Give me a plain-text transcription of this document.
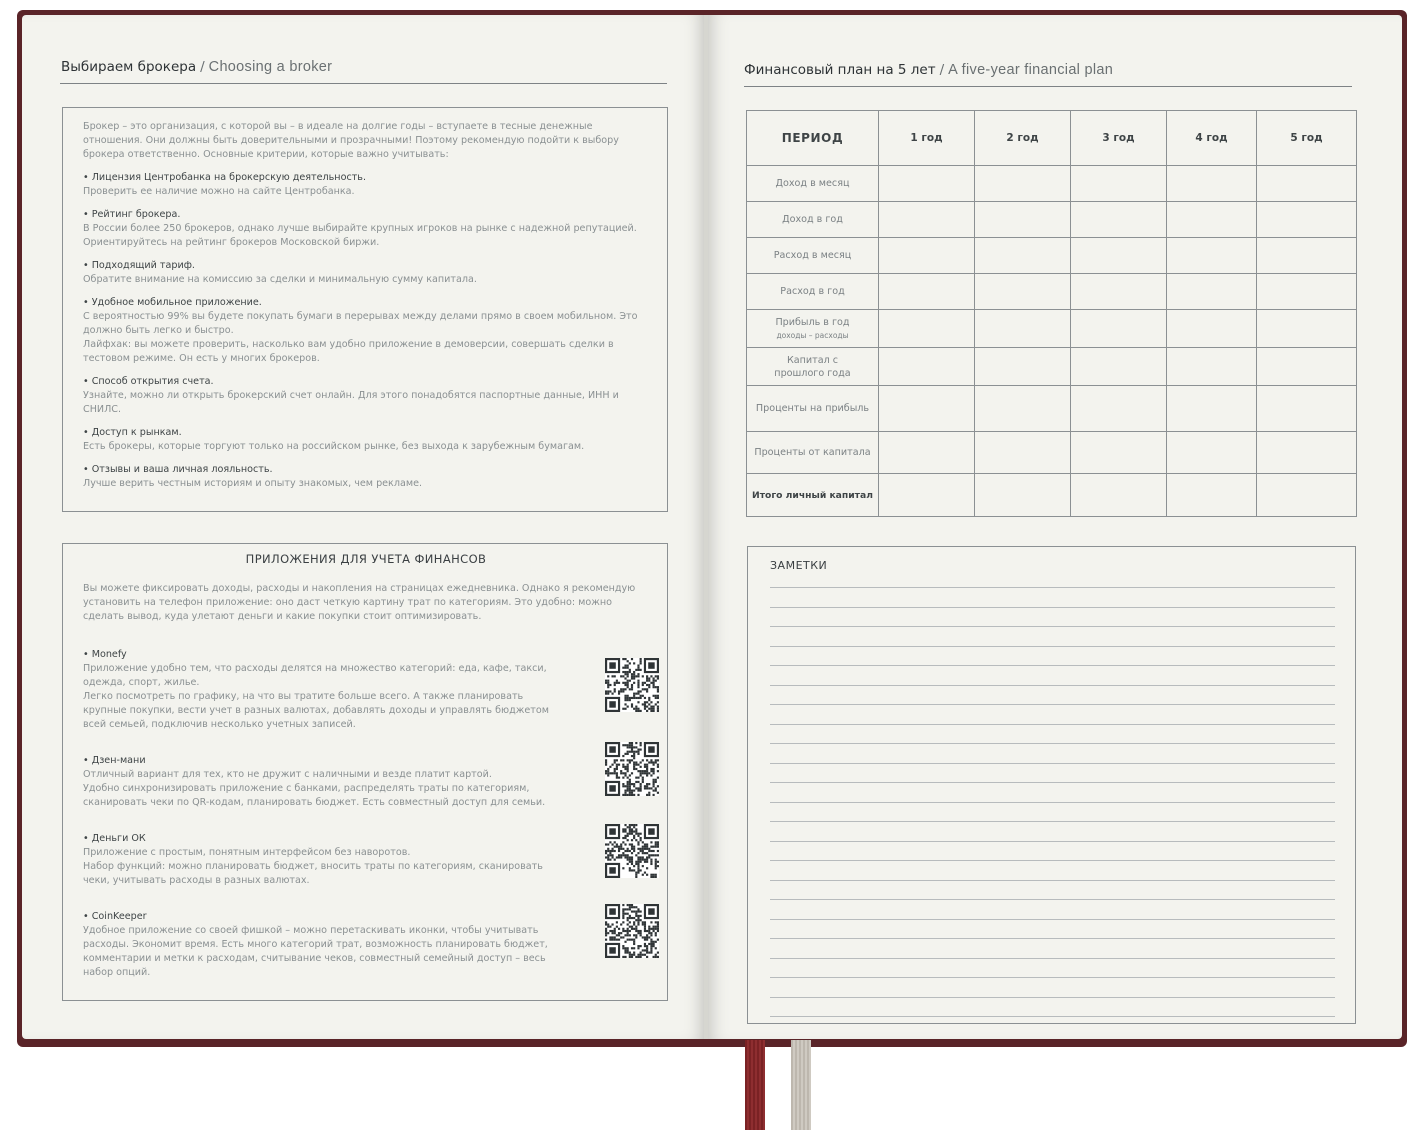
Выбираем брокера / Choosing a broker
Брокер – это организация, с которой вы – в идеале на долгие годы – вступаете в тесные денежные отношения. Они должны быть доверительными и прозрачными! Поэтому рекомендую подойти к выбору брокера ответственно. Основные критерии, которые важно учитывать:
• Лицензия Центробанка на брокерскую деятельность.
Проверить ее наличие можно на сайте Центробанка.
• Рейтинг брокера.
В России более 250 брокеров, однако лучше выбирайте крупных игроков на рынке с надежной репутацией. Ориентируйтесь на рейтинг брокеров Московской биржи.
• Подходящий тариф.
Обратите внимание на комиссию за сделки и минимальную сумму капитала.
• Удобное мобильное приложение.
С вероятностью 99% вы будете покупать бумаги в перерывах между делами прямо в своем мобильном. Это должно быть легко и быстро.
Лайфхак: вы можете проверить, насколько вам удобно приложение в демоверсии, совершать сделки в тестовом режиме. Он есть у многих брокеров.
• Способ открытия счета.
Узнайте, можно ли открыть брокерский счет онлайн. Для этого понадобятся паспортные данные, ИНН и СНИЛС.
• Доступ к рынкам.
Есть брокеры, которые торгуют только на российском рынке, без выхода к зарубежным бумагам.
• Отзывы и ваша личная лояльность.
Лучше верить честным историям и опыту знакомых, чем рекламе.
ПРИЛОЖЕНИЯ ДЛЯ УЧЕТА ФИНАНСОВ
Вы можете фиксировать доходы, расходы и накопления на страницах ежедневника. Однако я рекомендую установить на телефон приложение: оно даст четкую картину трат по категориям. Это удобно: можно сделать вывод, куда улетают деньги и какие покупки стоит оптимизировать.
• Monefy
Приложение удобно тем, что расходы делятся на множество категорий: еда, кафе, такси, одежда, спорт, жилье.
Легко посмотреть по графику, на что вы тратите больше всего. А также планировать крупные покупки, вести учет в разных валютах, добавлять доходы и управлять бюджетом всей семьей, подключив несколько учетных записей.
• Дзен-мани
Отличный вариант для тех, кто не дружит с наличными и везде платит картой.
Удобно синхронизировать приложение с банками, распределять траты по категориям, сканировать чеки по QR-кодам, планировать бюджет. Есть совместный доступ для семьи.
• Деньги ОК
Приложение с простым, понятным интерфейсом без наворотов.
Набор функций: можно планировать бюджет, вносить траты по категориям, сканировать чеки, учитывать расходы в разных валютах.
• CoinKeeper
Удобное приложение со своей фишкой – можно перетаскивать иконки, чтобы учитывать расходы. Экономит время. Есть много категорий трат, возможность планировать бюджет, комментарии и метки к расходам, считывание чеков, совместный семейный доступ – весь набор опций.
Финансовый план на 5 лет / A five-year financial plan
ЗАМЕТКИ
ПЕРИОД	1 год	2 год	3 год	4 год	5 год
Доход в месяц					
Доход в год					
Расход в месяц					
Расход в год					
Прибыль в год
доходы – расходы					

Капитал с прошлого года					
Проценты на прибыль					
Проценты от капитала					
Итого личный капитал					
